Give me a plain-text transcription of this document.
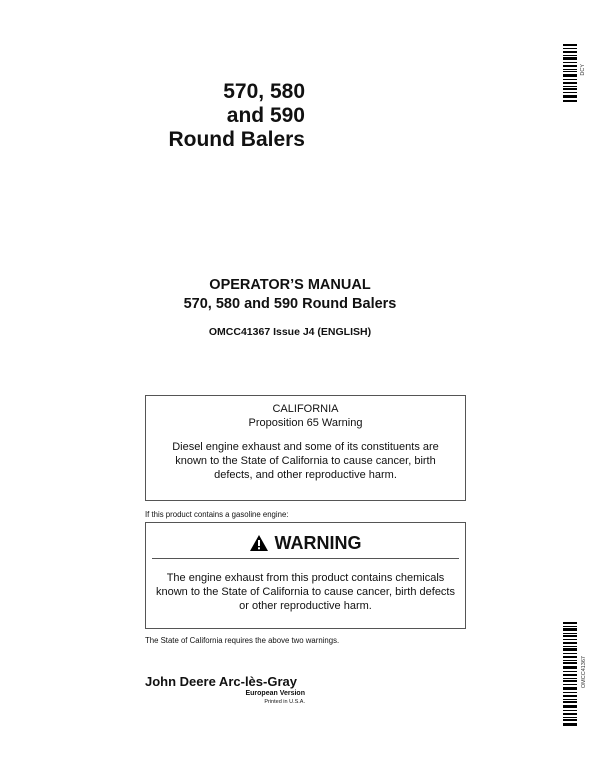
570, 580
and 590
Round Balers
DCY
OPERATOR’S MANUAL
570, 580 and 590 Round Balers
OMCC41367 Issue J4 (ENGLISH)
CALIFORNIA
Proposition 65 Warning
Diesel engine exhaust and some of its constituents are known to the State of California to cause cancer, birth defects, and other reproductive harm.
If this product contains a gasoline engine:
WARNING
The engine exhaust from this product contains chemicals known to the State of California to cause cancer, birth defects or other reproductive harm.
The State of California requires the above two warnings.
John Deere Arc-lès-Gray
European Version
Printed in U.S.A.
OMCC41367
